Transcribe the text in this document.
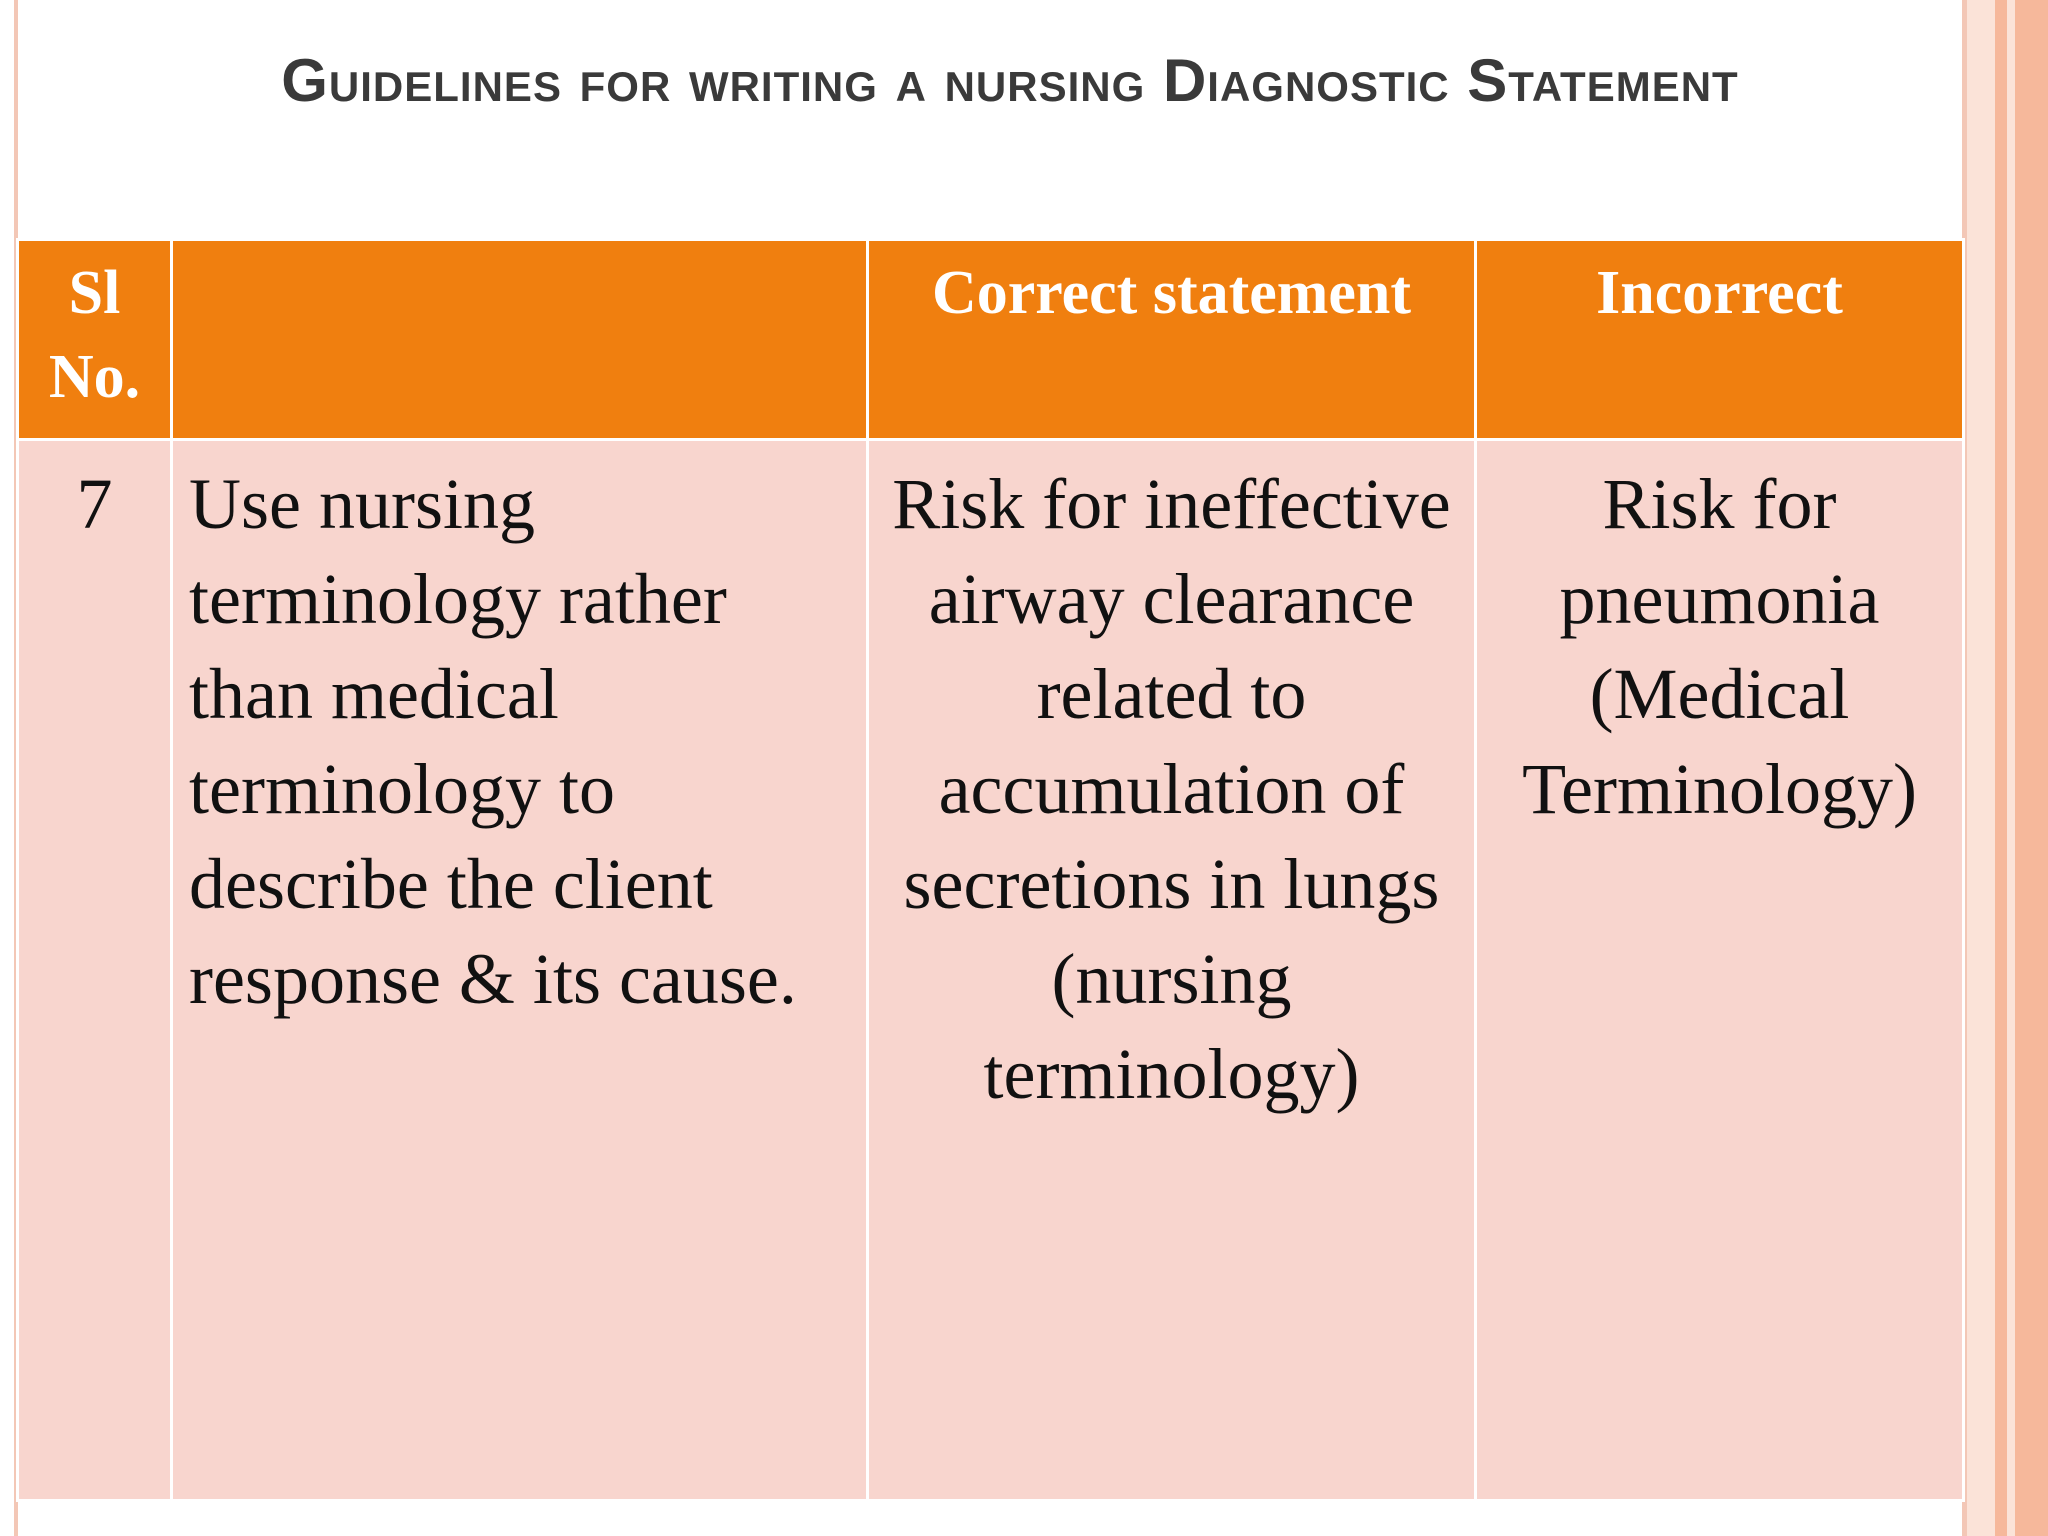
Guidelines for writing a nursing Diagnostic Statement
Sl No.		Correct statement	Incorrect

7	Use nursing terminology rather than medical terminology to describe the client response & its cause.	Risk for ineffective airway clearance related to accumulation of secretions in lungs (nursing terminology)	Risk for pneumonia (Medical Terminology)
